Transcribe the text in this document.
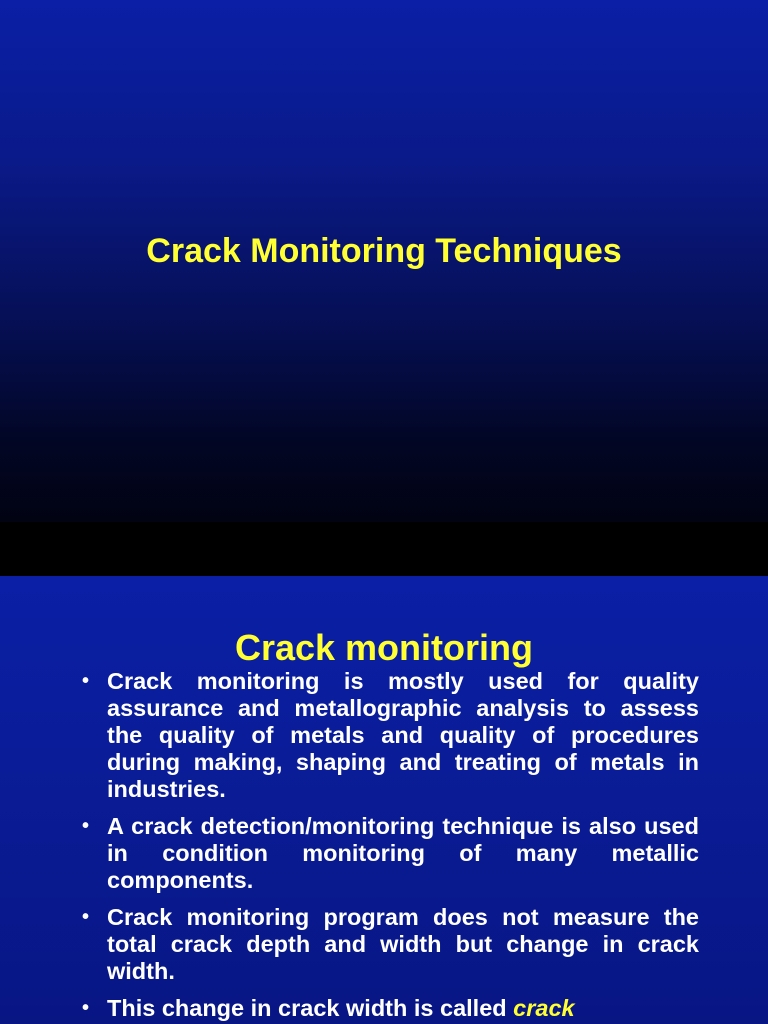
Crack Monitoring Techniques
Crack monitoring
• Crack monitoring is mostly used for quality assurance and metallographic analysis to assess the quality of metals and quality of procedures during making, shaping and treating of metals in industries.
• A crack detection/monitoring technique is also used in condition monitoring of many metallic components.
• Crack monitoring program does not measure the total crack depth and width but change in crack width.
• This change in crack width is called crack
